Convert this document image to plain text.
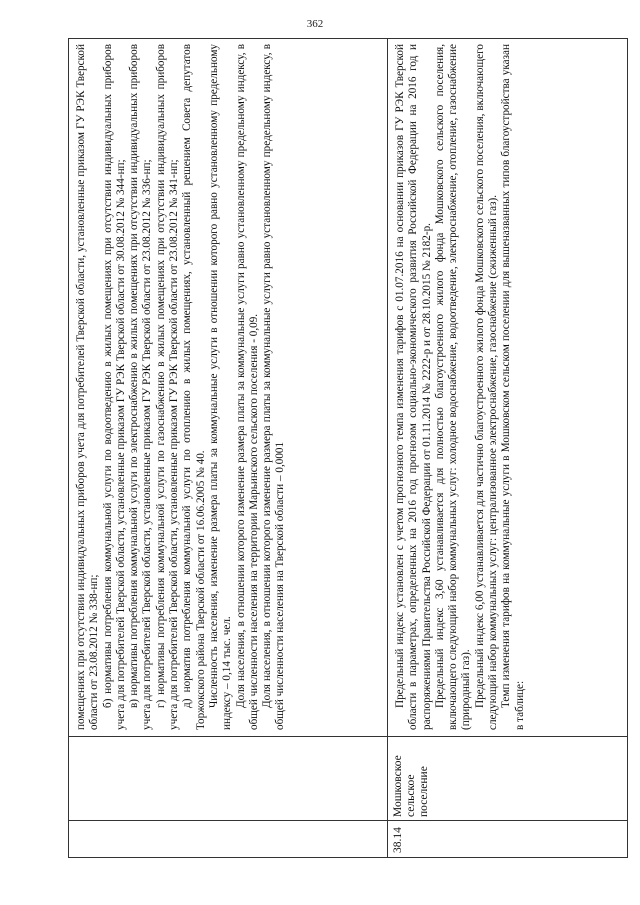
362

помещениях при отсутствии индивидуальных приборов учета для потребителей Тверской области, установленные приказом ГУ РЭК Тверской области от 23.08.2012 № 338-нп; б) нормативы потребления коммунальной услуги по водоотведению в жилых помещениях при отсутствии индивидуальных приборов учета для потребителей Тверской области, установленные приказом ГУ РЭК Тверской области от 30.08.2012 № 344-нп; в) нормативы потребления коммунальной услуги по электроснабжению в жилых помещениях при отсутствии индивидуальных приборов учета для потребителей Тверской области, установленные приказом ГУ РЭК Тверской области от 23.08.2012 № 336-нп; г) нормативы потребления коммунальной услуги по газоснабжению в жилых помещениях при отсутствии индивидуальных приборов учета для потребителей Тверской области, установленные приказом ГУ РЭК Тверской области от 23.08.2012 № 341-нп; д) норматив потребления коммунальной услуги по отоплению в жилых помещениях, установленный решением Совета депутатов Торжокского района Тверской области от 16.06.2005 № 40. Численность населения, изменение размера платы за коммунальные услуги в отношении которого равно установленному предельному индексу – 0,14 тыс. чел. Доля населения, в отношении которого изменение размера платы за коммунальные услуги равно установленному предельному индексу, в общей численности населения на территории Марьинского сельского поселения - 0,09. Доля населения, в отношении которого изменение размера платы за коммунальные услуги равно установленному предельному индексу, в общей численности населения на Тверской области – 0,0001

38.14
Мошковское сельское поселение

Предельный индекс установлен с учетом прогнозного темпа изменения тарифов с 01.07.2016 на основании приказов ГУ РЭК Тверской области в параметрах, определенных на 2016 год прогнозом социально-экономического развития Российской Федерации на 2016 год и распоряжениями Правительства Российской Федерации от 01.11.2014 № 2222-р и от 28.10.2015 № 2182-р. Предельный индекс 3,60 устанавливается для полностью благоустроенного жилого фонда Мошковского сельского поселения, включающего следующий набор коммунальных услуг: холодное водоснабжение, водоотведение, электроснабжение, отопление, газоснабжение (природный газ). Предельный индекс 6,00 устанавливается для частично благоустроенного жилого фонда Мошковского сельского поселения, включающего следующий набор коммунальных услуг: централизованное электроснабжение, газоснабжение (сжиженный газ). Темп изменения тарифов на коммунальные услуги в Мошковском сельском поселении для вышеназванных типов благоустройства указан в таблице:
